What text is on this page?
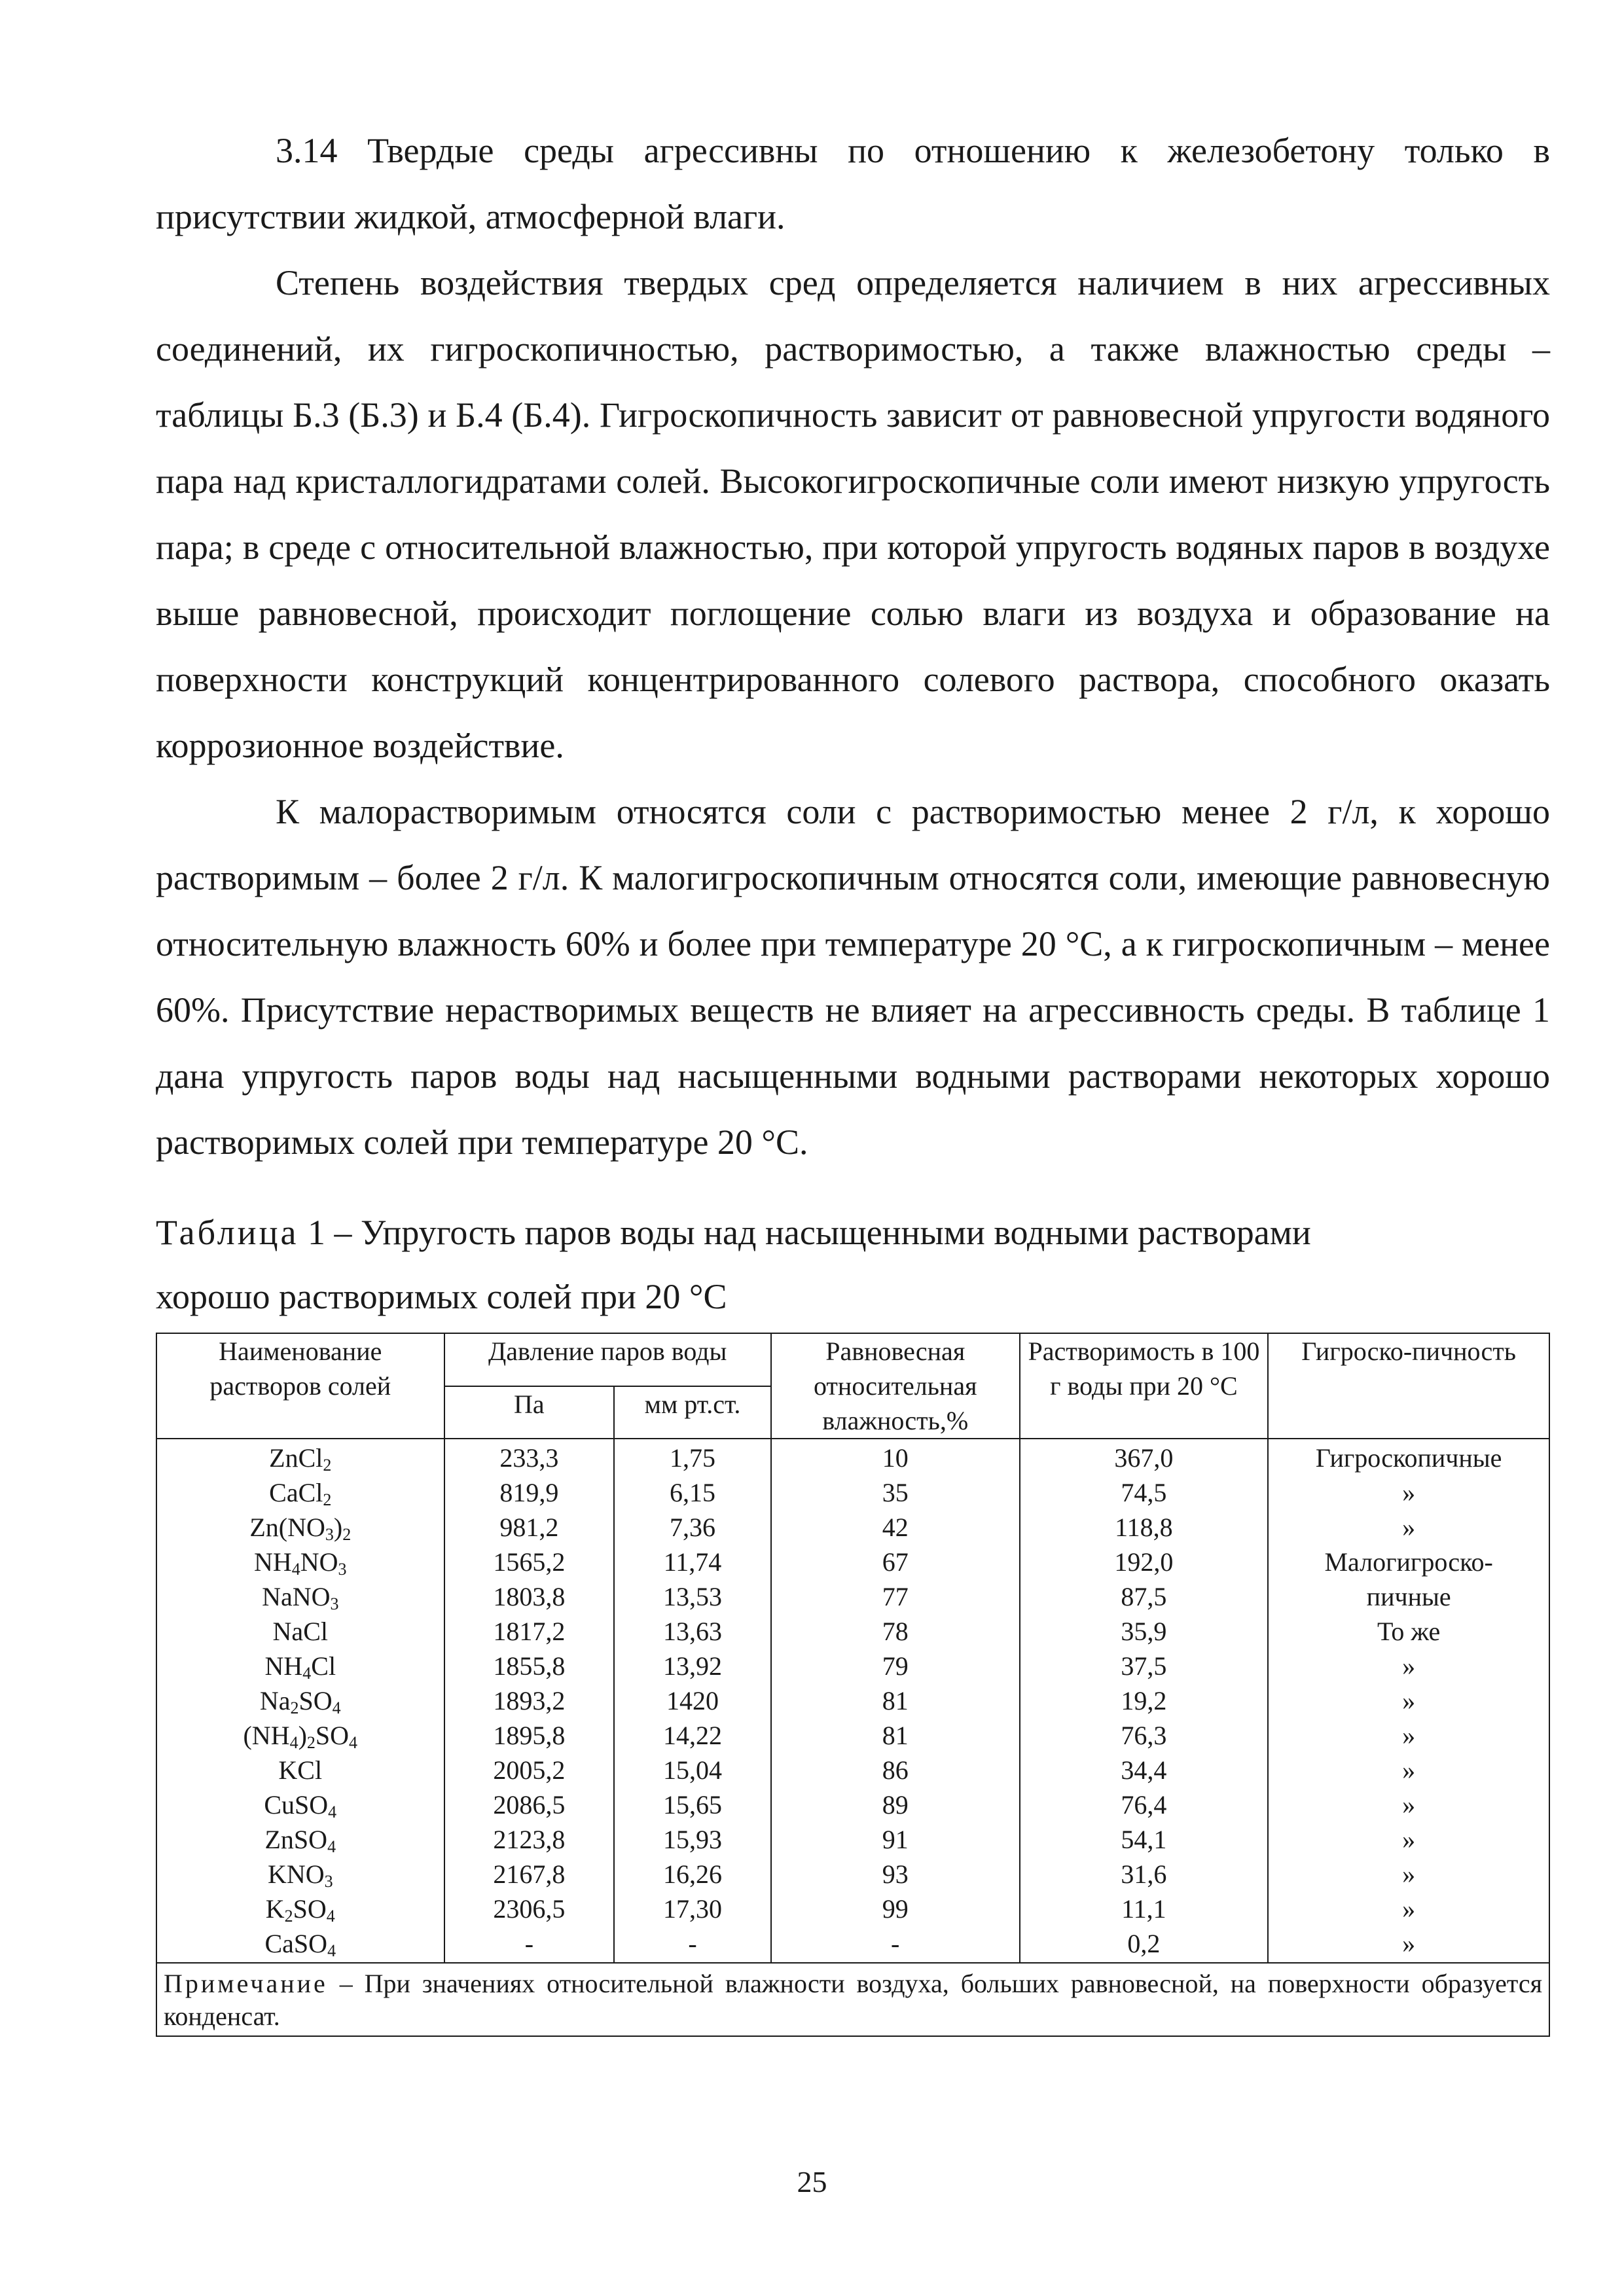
3.14 Твердые среды агрессивны по отношению к железобетону только в присутствии жидкой, атмосферной влаги.

Степень воздействия твердых сред определяется наличием в них агрессивных соединений, их гигроскопичностью, растворимостью, а также влажностью среды – таблицы Б.3 (Б.3) и Б.4 (Б.4). Гигроскопичность зависит от равновесной упругости водяного пара над кристаллогидратами солей. Высокогигроскопичные соли имеют низкую упругость пара; в среде с относительной влажностью, при которой упругость водяных паров в воздухе выше равновесной, происходит поглощение солью влаги из воздуха и образование на поверхности конструкций концентрированного солевого раствора, способного оказать коррозионное воздействие.

К малорастворимым относятся соли с растворимостью менее 2 г/л, к хорошо растворимым – более 2 г/л. К малогигроскопичным относятся соли, имеющие равновесную относительную влажность 60% и более при температуре 20 °С, а к гигроскопичным – менее 60%. Присутствие нерастворимых веществ не влияет на агрессивность среды. В таблице 1 дана упругость паров воды над насыщенными водными растворами некоторых хорошо растворимых солей при температуре 20 °С.

Таблица 1 – Упругость паров воды над насыщенными водными растворами
хорошо растворимых солей при 20 °С
Наименование растворов солей	Давление паров воды		Равновесная относительная влажность,%	Растворимость в 100 г воды при 20 °С	Гигроско-пичность
	Па	мм рт.ст.			
ZnCl$_2$	233,3	1,75	10	367,0	Гигроскопичные
CaCl$_2$	819,9	6,15	35	74,5	»
$Zn(NO_3)_2$	981,2	7,36	42	118,8	»
$NH_4NO_3$	1565,2	11,74	67	192,0	Малогигроско-
NaNO$_3$	1803,8	13,53	77	87,5	пичные
NaCl	1817,2	13,63	78	35,9	То же
$NH_4Cl$	1855,8	13,92	79	37,5	»
$Na_2SO_4$	1893,2	1420	81	19,2	»
$(NH_4)_2SO_4$	1895,8	14,22	81	76,3	»
KCl	2005,2	15,04	86	34,4	»
CuSO$_4$	2086,5	15,65	89	76,4	»
ZnSO$_4$	2123,8	15,93	91	54,1	»
$KNO_3$	2167,8	16,26	93	31,6	»
$K_2SO_4$	2306,5	17,30	99	11,1	»
CaSO$_4$	-	-	-	0,2	»
Примечание – При значениях относительной влажности воздуха, больших равновесной, на поверхности образуется конденсат.					
25
